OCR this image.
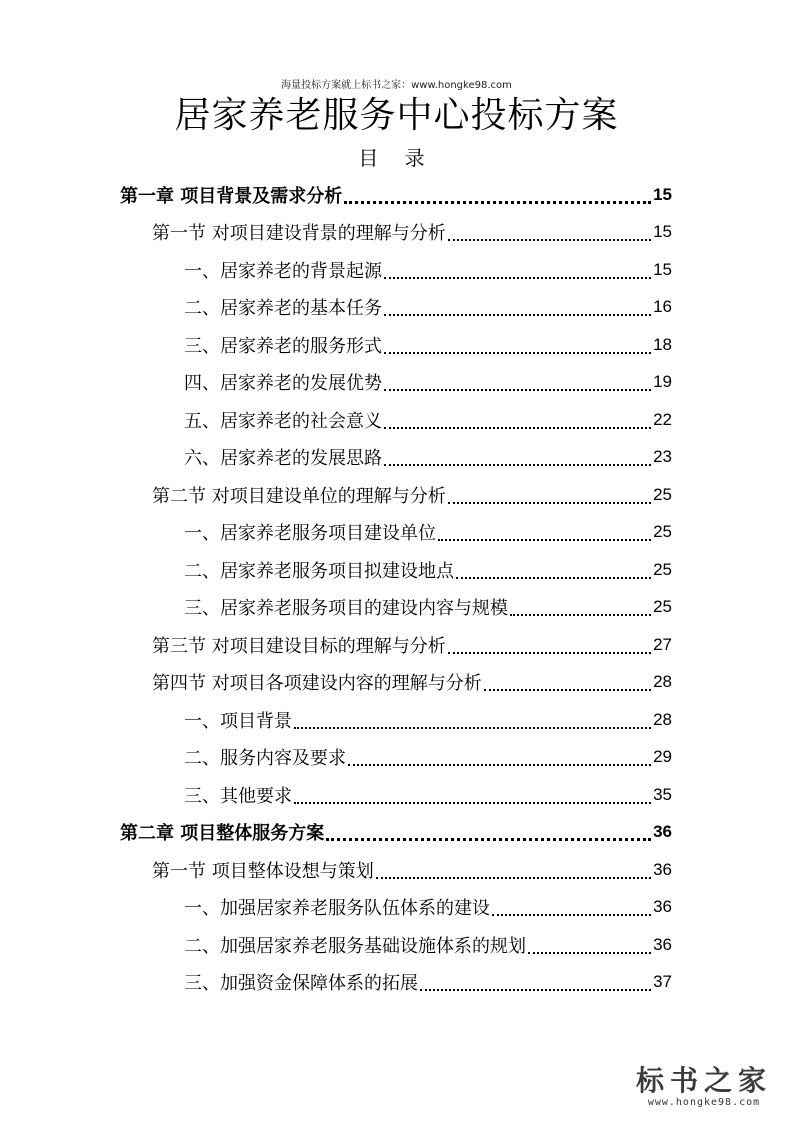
海量投标方案就上标书之家：www.hongke98.com
居家养老服务中心投标方案
目 录
第一章 项目背景及需求分析	15
第一节 对项目建设背景的理解与分析	15
一、居家养老的背景起源	15
二、居家养老的基本任务	16
三、居家养老的服务形式	18
四、居家养老的发展优势	19
五、居家养老的社会意义	22
六、居家养老的发展思路	23
第二节 对项目建设单位的理解与分析	25
一、居家养老服务项目建设单位	25
二、居家养老服务项目拟建设地点	25
三、居家养老服务项目的建设内容与规模	25
第三节 对项目建设目标的理解与分析	27
第四节 对项目各项建设内容的理解与分析	28
一、项目背景	28
二、服务内容及要求	29
三、其他要求	35
第二章 项目整体服务方案	36
第一节 项目整体设想与策划	36
一、加强居家养老服务队伍体系的建设	36
二、加强居家养老服务基础设施体系的规划	36
三、加强资金保障体系的拓展	37
标书之家
www.hongke98.com
